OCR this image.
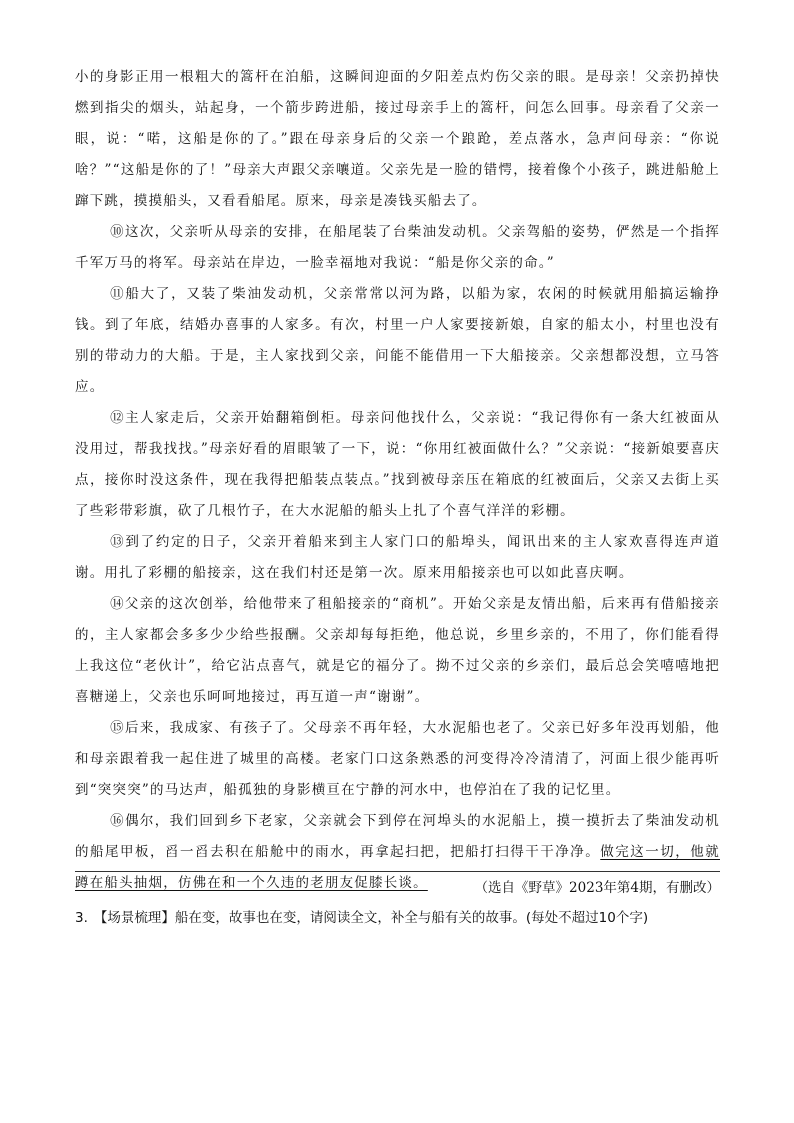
小的身影正用一根粗大的篙杆在泊船，这瞬间迎面的夕阳差点灼伤父亲的眼。是母亲！父亲扔掉快燃到指尖的烟头，站起身，一个箭步跨进船，接过母亲手上的篙杆，问怎么回事。母亲看了父亲一眼，说：“喏，这船是你的了。”跟在母亲身后的父亲一个踉跄，差点落水，急声问母亲：“你说啥？”“这船是你的了！”母亲大声跟父亲嚷道。父亲先是一脸的错愕，接着像个小孩子，跳进船舱上蹿下跳，摸摸船头，又看看船尾。原来，母亲是凑钱买船去了。

⑩这次，父亲听从母亲的安排，在船尾装了台柴油发动机。父亲驾船的姿势，俨然是一个指挥千军万马的将军。母亲站在岸边，一脸幸福地对我说：“船是你父亲的命。”

⑪船大了，又装了柴油发动机，父亲常常以河为路，以船为家，农闲的时候就用船搞运输挣钱。到了年底，结婚办喜事的人家多。有次，村里一户人家要接新娘，自家的船太小，村里也没有别的带动力的大船。于是，主人家找到父亲，问能不能借用一下大船接亲。父亲想都没想，立马答应。

⑫主人家走后，父亲开始翻箱倒柜。母亲问他找什么，父亲说：“我记得你有一条大红被面从没用过，帮我找找。”母亲好看的眉眼皱了一下，说：“你用红被面做什么？”父亲说：“接新娘要喜庆点，接你时没这条件，现在我得把船装点装点。”找到被母亲压在箱底的红被面后，父亲又去街上买了些彩带彩旗，砍了几根竹子，在大水泥船的船头上扎了个喜气洋洋的彩棚。

⑬到了约定的日子，父亲开着船来到主人家门口的船埠头，闻讯出来的主人家欢喜得连声道谢。用扎了彩棚的船接亲，这在我们村还是第一次。原来用船接亲也可以如此喜庆啊。

⑭父亲的这次创举，给他带来了租船接亲的“商机”。开始父亲是友情出船，后来再有借船接亲的，主人家都会多多少少给些报酬。父亲却每每拒绝，他总说，乡里乡亲的，不用了，你们能看得上我这位“老伙计”，给它沾点喜气，就是它的福分了。拗不过父亲的乡亲们，最后总会笑嘻嘻地把喜糖递上，父亲也乐呵呵地接过，再互道一声“谢谢”。

⑮后来，我成家、有孩子了。父母亲不再年轻，大水泥船也老了。父亲已好多年没再划船，他和母亲跟着我一起住进了城里的高楼。老家门口这条熟悉的河变得冷冷清清了，河面上很少能再听到“突突突”的马达声，船孤独的身影横亘在宁静的河水中，也停泊在了我的记忆里。

⑯偶尔，我们回到乡下老家，父亲就会下到停在河埠头的水泥船上，摸一摸折去了柴油发动机的船尾甲板，舀一舀去积在船舱中的雨水，再拿起扫把，把船打扫得干干净净。做完这一切，他就蹲在船头抽烟，仿佛在和一个久违的老朋友促膝长谈。	（选自《野草》2023年第4期，有删改）
3. 【场景梳理】船在变，故事也在变，请阅读全文，补全与船有关的故事。(每处不超过10个字)
